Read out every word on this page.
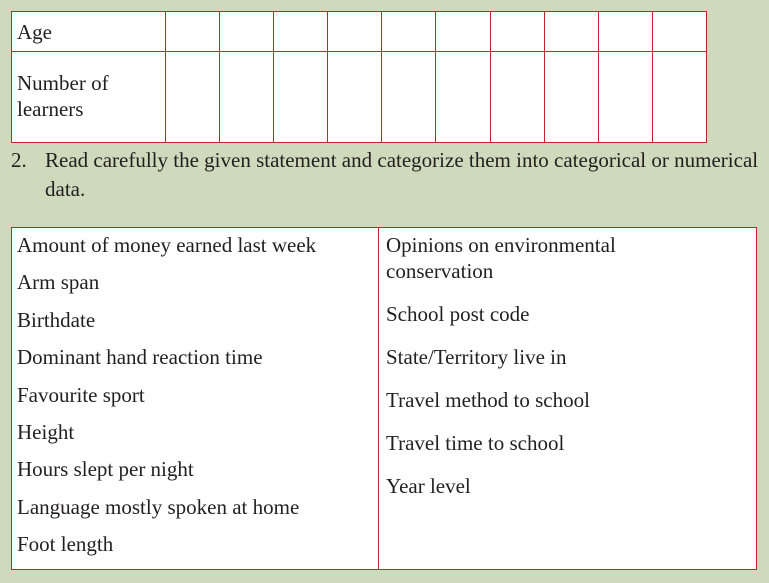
Age										
Number of learners										
2. Read carefully the given statement and categorize them into categorical or numerical data.
Amount of money earned last week
Arm span
Birthdate
Dominant hand reaction time
Favourite sport
Height
Hours slept per night
Language mostly spoken at home
Foot length
Opinions on environmental conservation
School post code
State/Territory live in
Travel method to school
Travel time to school
Year level
